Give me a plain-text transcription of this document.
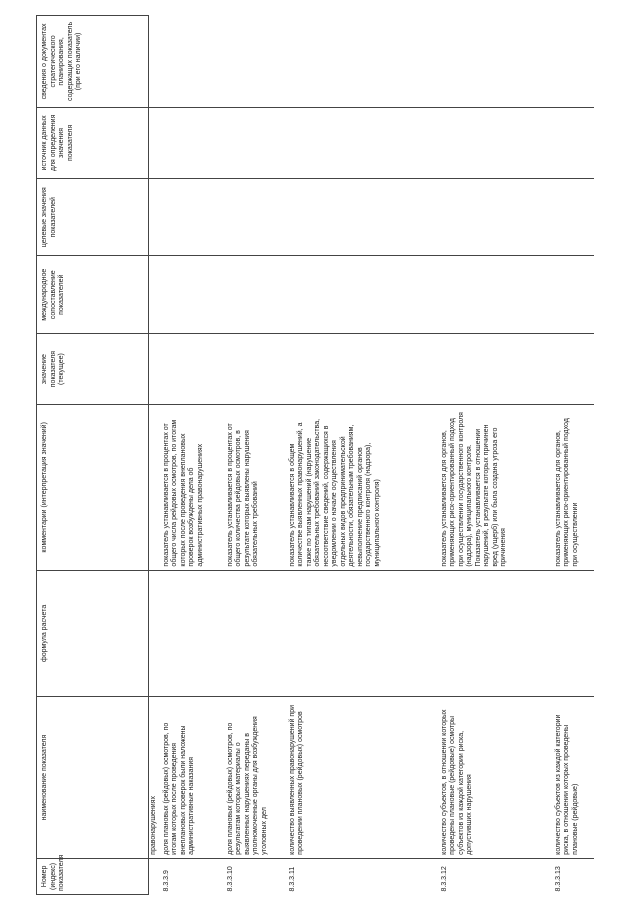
Номер (индекс) показателя	наименование показателя	формула расчета	комментарии (интерпретация значений)	значение показателя (текущее)	международное сопоставление показателей	целевые значения показателей	источник данных для определения значения показателя	сведения о документах стратегического планирования, содержащих показатель (при его наличии)
	правонарушениях							
8.3.3.9	доля плановых (рейдовых) осмотров, по итогам которых после проведения внеплановых проверок были наложены административные наказания		показатель устанавливается в процентах от общего числа рейдовых осмотров, по итогам которых после проведения внеплановых проверок возбуждены дела об административных правонарушениях					
8.3.3.10	доля плановых (рейдовых) осмотров, по результатам которых материалы о выявленных нарушениях переданы в уполномоченные органы для возбуждения уголовных дел		показатель устанавливается в процентах от общего количества рейдовых осмотров, в результате которых выявлены нарушения обязательных требований					
8.3.3.11	количество выявленных правонарушений при проведении плановых (рейдовых) осмотров		показатель устанавливается в общем количестве выявленных правонарушений, а также по типам нарушений (нарушение обязательных требований законодательства, несоответствие сведений, содержащихся в уведомлении о начале осуществления отдельных видов предпринимательской деятельности, обязательным требованиям, невыполнение предписаний органов государственного контроля (надзора), муниципального контроля)					
8.3.3.12	количество субъектов, в отношении которых проведены плановые (рейдовые) осмотры субъектов из каждой категории риска, допустивших нарушения		показатель устанавливается для органов, применяющих риск-ориентированный подход при осуществлении государственного контроля (надзора), муниципального контроля. Показатель устанавливается в отношении нарушений, в результате которых причинен вред (ущерб) или была создана угроза его причинения					
8.3.3.13	количество субъектов из каждой категории риска, в отношении которых проведены плановые (рейдовые)		показатель устанавливается для органов, применяющих риск-ориентированный подход при осуществлении					
